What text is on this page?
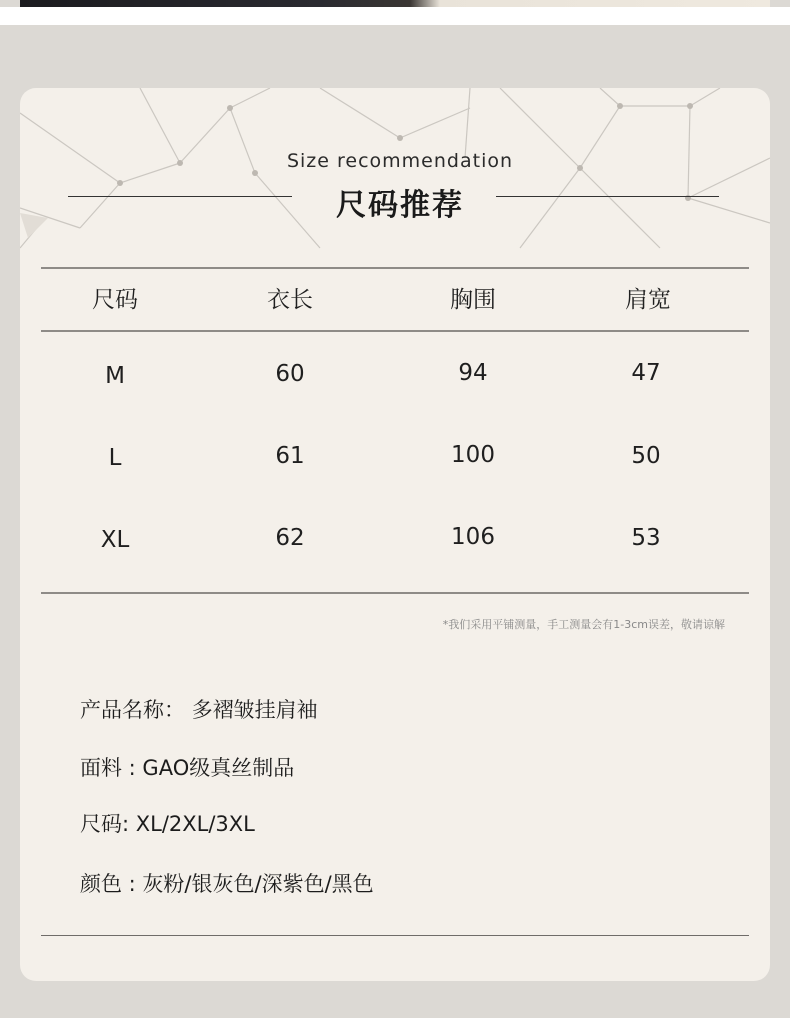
Size recommendation
尺码推荐
尺码	衣长	胸围	肩宽
M	60	94	47
L	61	100	50
XL	62	106	53
*我们采用平铺测量，手工测量会有1-3cm误差，敬请谅解
产品名称： 多褶皱挂肩袖
面料 : GAO级真丝制品
尺码: XL/2XL/3XL
颜色 : 灰粉/银灰色/深紫色/黑色
